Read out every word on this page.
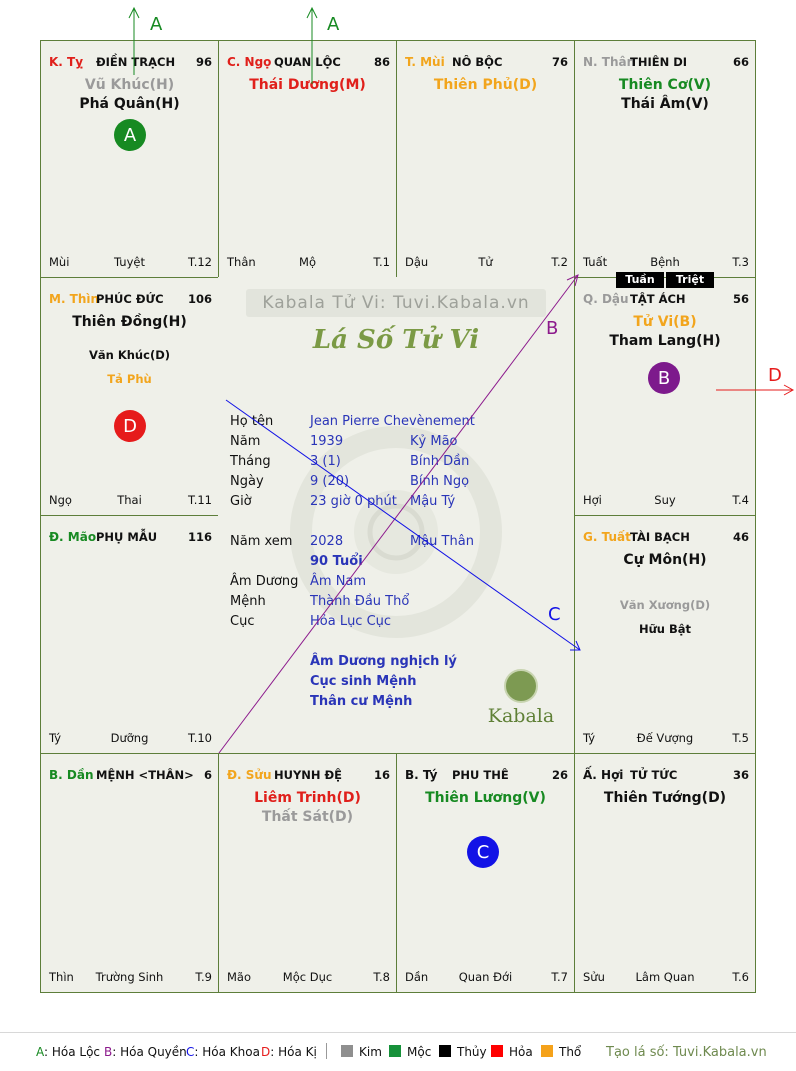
K. Tỵ ĐIỀN TRẠCH 96
Vũ Khúc(H)
Phá Quân(H)
Mùi	Tuyệt	T.12
A
C. Ngọ QUAN LỘC	86
Thái Dương(M)
Thân	Mộ	T.1
T. Mùi NÔ BỘC	76
Thiên Phủ(D)
Dậu	Tử	T.2
N. Thân
THIÊN DI	66
Thiên Cơ(V)
Thái Âm(V)
Tuất	Bệnh	T.3
M. Thìn
PHÚC ĐỨC 106
Thiên Đồng(H)
Văn Khúc(D)
Tả Phù
Ngọ	Thai	T.11
D
Q. Dậu TẬT ÁCH	56
Tử Vi(B)
Tham Lang(H)
Hợi	Suy	T.4
B
Đ. Mão PHỤ MẪU	116
Tý	Dưỡng	T.10
G. Tuất TÀI BẠCH	46
Cự Môn(H)
Văn Xương(D)
Hữu Bật
Tý	Đế Vượng	T.5
B. Dần MỆNH <THÂN> 6
Thìn	Trường Sinh	T.9
Đ. Sửu HUYNH ĐỆ	16
Liêm Trinh(D)
Thất Sát(D)
Mão	Mộc Dục	T.8
B. Tý PHU THÊ	26
Thiên Lương(V)
Dần	Quan Đới	T.7
C
Ấ. Hợi TỬ TỨC	36
Thiên Tướng(D)
Sửu	Lâm Quan	T.6
Kabala Tử Vi: Tuvi.Kabala.vn
Lá Số Tử Vi
Họ tên	Jean Pierre Chevènement
Năm	1939	Kỷ Mão
Tháng	3 (1)	Bính Dần
Ngày	9 (20)	Bính Ngọ
Giờ	23 giờ 0 phút Mậu Tý
Năm xem 2028	Mậu Thân
90 Tuổi
Âm Dương Âm Nam
Mệnh	Thành Đầu Thổ
Cục	Hỏa Lục Cục
Âm Dương nghịch lý
Cục sinh Mệnh
Thân cư Mệnh
Kabala
Tuần	Triệt
A	A
B
C
D
A: Hóa Lộc B: Hóa Quyền C: Hóa Khoa D: Hóa Kị	Kim	Mộc	Thủy	Hỏa	Thổ Tạo lá số: Tuvi.Kabala.vn
